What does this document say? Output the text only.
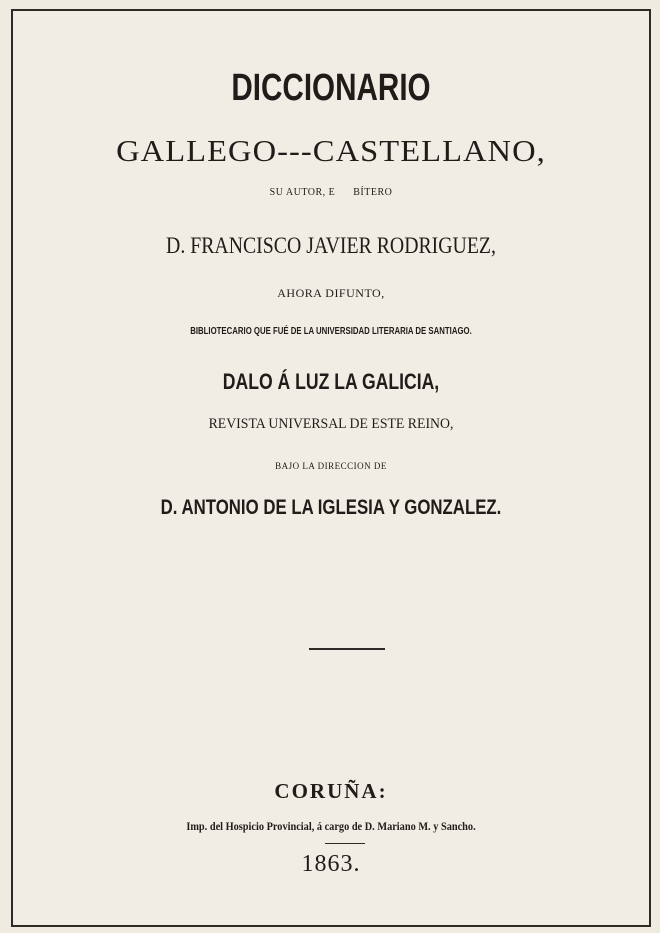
DICCIONARIO
GALLEGO---CASTELLANO,
SU AUTOR, E      BÍTERO
D. FRANCISCO JAVIER RODRIGUEZ,
AHORA DIFUNTO,
BIBLIOTECARIO QUE FUÉ DE LA UNIVERSIDAD LITERARIA DE SANTIAGO.
DALO Á LUZ LA GALICIA,
REVISTA UNIVERSAL DE ESTE REINO,
BAJO LA DIRECCION DE
D. ANTONIO DE LA IGLESIA Y GONZALEZ.
CORUÑA:
Imp. del Hospicio Provincial, á cargo de D. Mariano M. y Sancho.
1863.
